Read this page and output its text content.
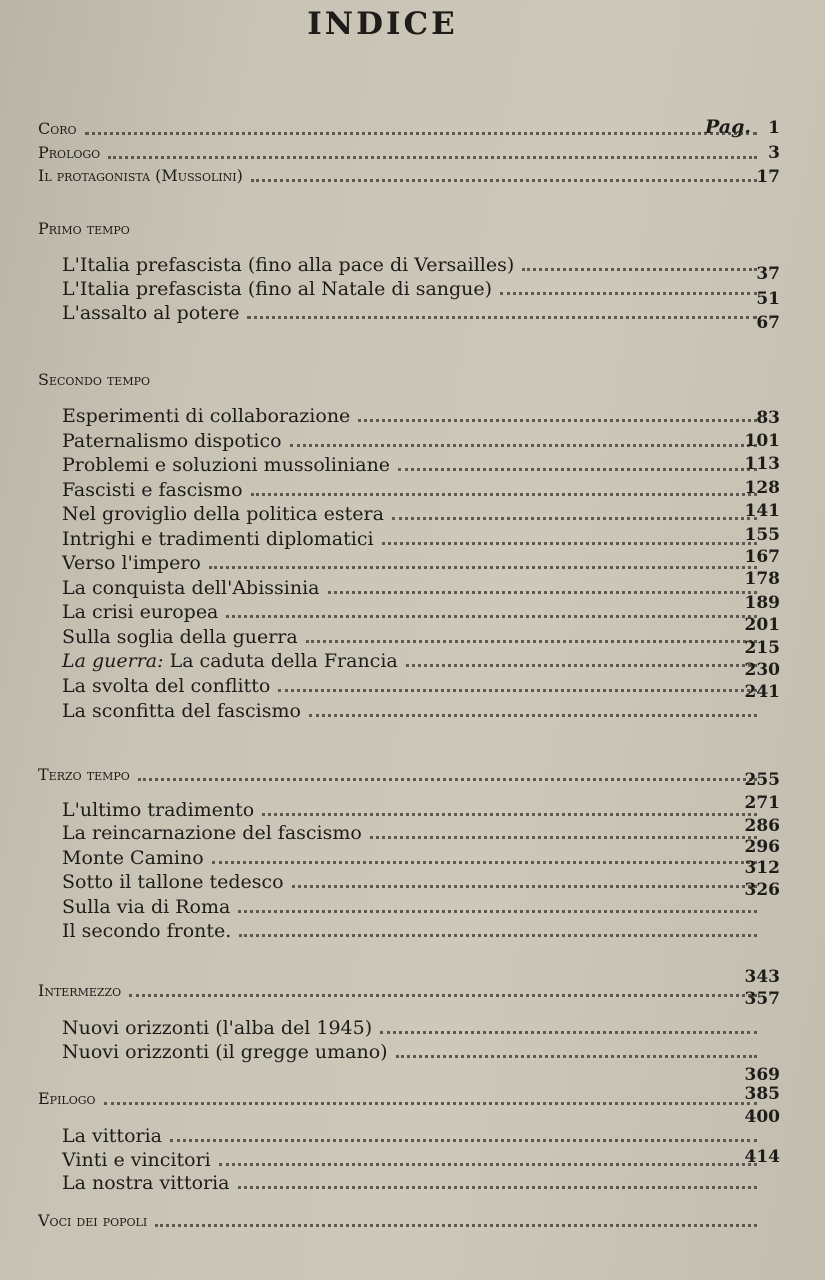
INDICE
Pag.
Coro
Prologo
Il protagonista (Mussolini)
Primo tempo
L'Italia prefascista (fino alla pace di Versailles)
L'Italia prefascista (fino al Natale di sangue)
L'assalto al potere
Secondo tempo
Esperimenti di collaborazione
Paternalismo dispotico
Problemi e soluzioni mussoliniane
Fascisti e fascismo
Nel groviglio della politica estera
Intrighi e tradimenti diplomatici
Verso l'impero
La conquista dell'Abissinia
La crisi europea
Sulla soglia della guerra
La guerra: La caduta della Francia
La svolta del conflitto
La sconfitta del fascismo
Terzo tempo
L'ultimo tradimento
La reincarnazione del fascismo
Monte Camino
Sotto il tallone tedesco
Sulla via di Roma
Il secondo fronte.
Intermezzo
Nuovi orizzonti (l'alba del 1945)
Nuovi orizzonti (il gregge umano)
Epilogo
La vittoria
Vinti e vincitori
La nostra vittoria
Voci dei popoli
1
3
17
37
51
67
83
101
113
128
141
155
167
178
189
201
215
230
241
255
271
286
296
312
326
343
357
369
385
400
414
